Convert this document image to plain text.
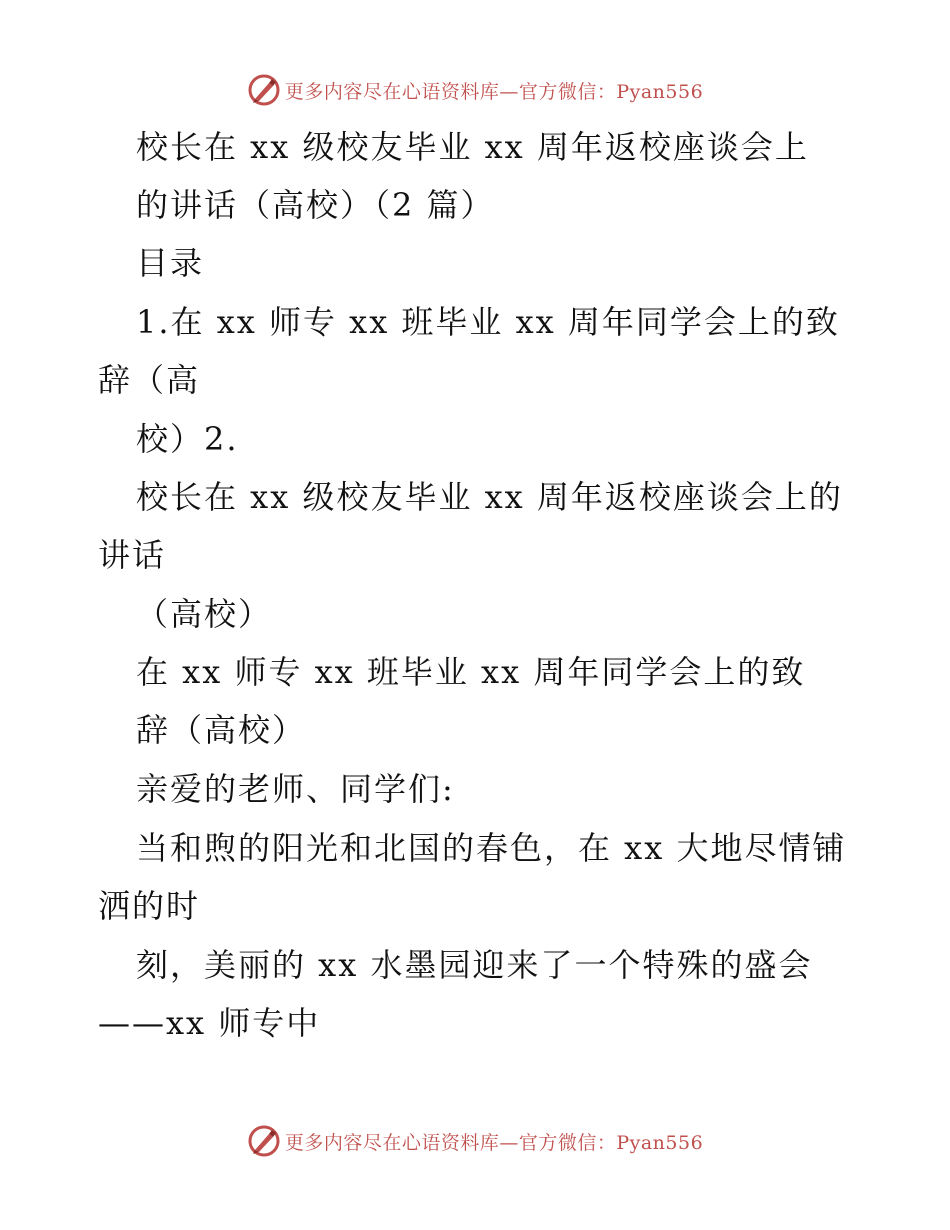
更多内容尽在心语资料库—官方微信：Pyan556
校长在 xx 级校友毕业 xx 周年返校座谈会上
的讲话（高校）（2 篇）
目录
1.在 xx 师专 xx 班毕业 xx 周年同学会上的致
辞（高
校）2.
校长在 xx 级校友毕业 xx 周年返校座谈会上的
讲话
（高校）
在 xx 师专 xx 班毕业 xx 周年同学会上的致
辞（高校）
亲爱的老师、同学们:
当和煦的阳光和北国的春色，在 xx 大地尽情铺
洒的时
刻，美丽的 xx 水墨园迎来了一个特殊的盛会
——xx 师专中
更多内容尽在心语资料库—官方微信：Pyan556
